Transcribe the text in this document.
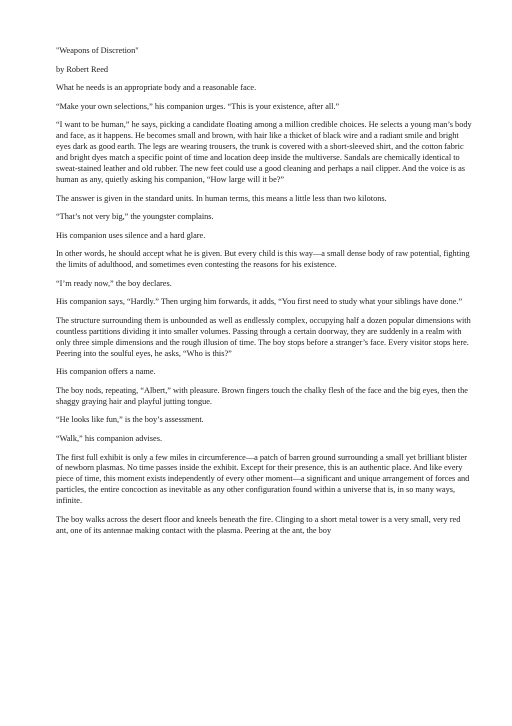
"Weapons of Discretion"

by Robert Reed

What he needs is an appropriate body and a reasonable face.

“Make your own selections,” his companion urges. “This is your existence, after all.”

“I want to be human,” he says, picking a candidate floating among a million credible choices. He selects a young man’s body and face, as it happens. He becomes small and brown, with hair like a thicket of black wire and a radiant smile and bright eyes dark as good earth. The legs are wearing trousers, the trunk is covered with a short-sleeved shirt, and the cotton fabric and bright dyes match a specific point of time and location deep inside the multiverse. Sandals are chemically identical to sweat-stained leather and old rubber. The new feet could use a good cleaning and perhaps a nail clipper. And the voice is as human as any, quietly asking his companion, “How large will it be?”

The answer is given in the standard units. In human terms, this means a little less than two kilotons.

“That’s not very big,” the youngster complains.

His companion uses silence and a hard glare.

In other words, he should accept what he is given. But every child is this way—a small dense body of raw potential, fighting the limits of adulthood, and sometimes even contesting the reasons for his existence.

“I’m ready now,” the boy declares.

His companion says, “Hardly.” Then urging him forwards, it adds, “You first need to study what your siblings have done.”

The structure surrounding them is unbounded as well as endlessly complex, occupying half a dozen popular dimensions with countless partitions dividing it into smaller volumes. Passing through a certain doorway, they are suddenly in a realm with only three simple dimensions and the rough illusion of time. The boy stops before a stranger’s face. Every visitor stops here. Peering into the soulful eyes, he asks, “Who is this?”

His companion offers a name.

The boy nods, repeating, “Albert,” with pleasure. Brown fingers touch the chalky flesh of the face and the big eyes, then the shaggy graying hair and playful jutting tongue.

“He looks like fun,” is the boy’s assessment.

“Walk,” his companion advises.

The first full exhibit is only a few miles in circumference—a patch of barren ground surrounding a small yet brilliant blister of newborn plasmas. No time passes inside the exhibit. Except for their presence, this is an authentic place. And like every piece of time, this moment exists independently of every other moment—a significant and unique arrangement of forces and particles, the entire concoction as inevitable as any other configuration found within a universe that is, in so many ways, infinite.

The boy walks across the desert floor and kneels beneath the fire. Clinging to a short metal tower is a very small, very red ant, one of its antennae making contact with the plasma. Peering at the ant, the boy
